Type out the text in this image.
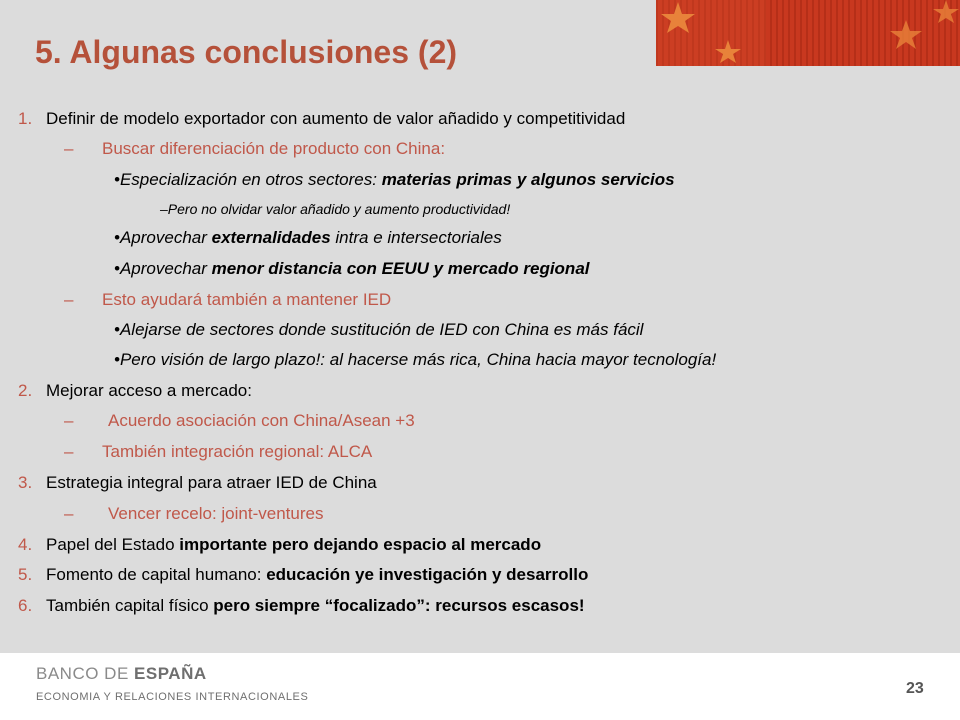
5. Algunas conclusiones (2)
1. Definir de modelo exportador con aumento de valor añadido y competitividad
– Buscar diferenciación de producto con China:
•Especialización en otros sectores: materias primas y algunos servicios
–Pero no olvidar valor añadido y aumento productividad!
•Aprovechar externalidades intra e intersectoriales
•Aprovechar menor distancia con EEUU y mercado regional
– Esto ayudará también a mantener IED
•Alejarse de sectores donde sustitución de IED con China es más fácil
•Pero visión de largo plazo!: al hacerse más rica, China hacia mayor tecnología!
2. Mejorar acceso a mercado:
– Acuerdo asociación con China/Asean +3
– También integración regional: ALCA
3. Estrategia integral para atraer IED de China
– Vencer recelo: joint-ventures
4. Papel del Estado importante pero dejando espacio al mercado
5. Fomento de capital humano: educación ye investigación y desarrollo
6. También capital físico pero siempre “focalizado”: recursos escasos!
BANCO DE ESPAÑA
ECONOMIA Y RELACIONES INTERNACIONALES	23
